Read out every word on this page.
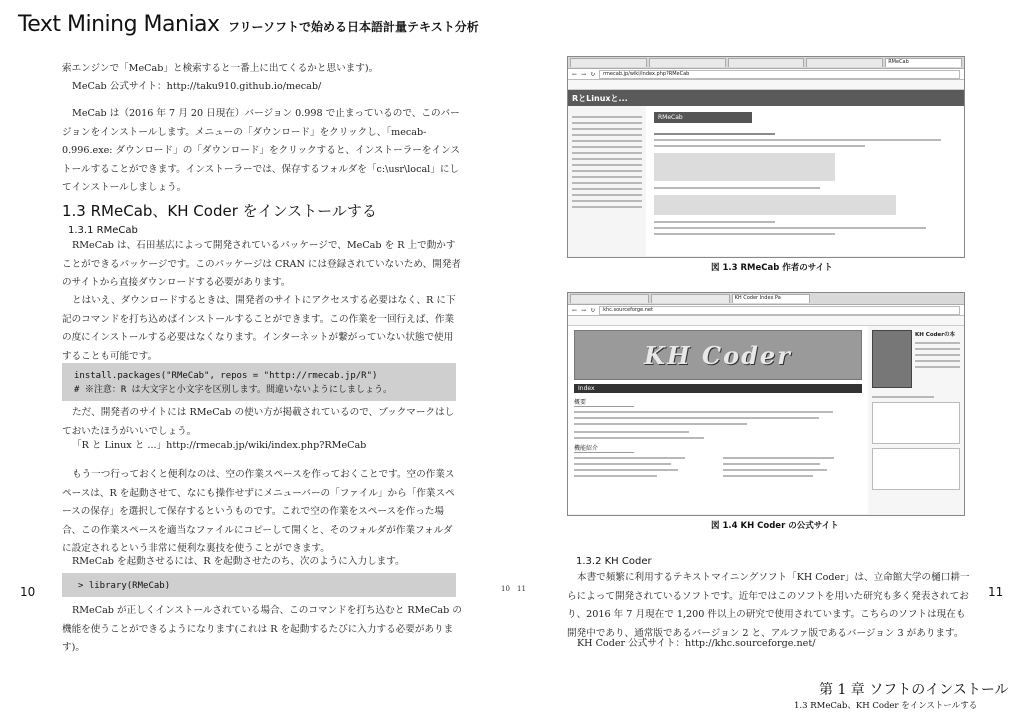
Text Mining Maniax フリーソフトで始める日本語計量テキスト分析
索エンジンで「MeCab」と検索すると一番上に出てくるかと思います)。
MeCab 公式サイト：http://taku910.github.io/mecab/
MeCab は（2016 年 7 月 20 日現在）バージョン 0.998 で止まっているので、このバージョンをインストールします。メニューの「ダウンロード」をクリックし、「mecab-0.996.exe: ダウンロード」の「ダウンロード」をクリックすると、インストーラーをインストールすることができます。インストーラーでは、保存するフォルダを「c:\usr\local」にしてインストールしましょう。
1.3 RMeCab、KH Coder をインストールする
1.3.1 RMeCab
RMeCab は、石田基広によって開発されているパッケージで、MeCab を R 上で動かすことができるパッケージです。このパッケージは CRAN には登録されていないため、開発者のサイトから直接ダウンロードする必要があります。
とはいえ、ダウンロードするときは、開発者のサイトにアクセスする必要はなく、R に下記のコマンドを打ち込めばインストールすることができます。この作業を一回行えば、作業の度にインストールする必要はなくなります。インターネットが繋がっていない状態で使用することも可能です。
install.packages("RMeCab", repos = "http://rmecab.jp/R")
# ※注意：R は大文字と小文字を区別します。間違いないようにしましょう。
ただ、開発者のサイトには RMeCab の使い方が掲載されているので、ブックマークはしておいたほうがいいでしょう。
「R と Linux と ...」http://rmecab.jp/wiki/index.php?RMeCab
もう一つ行っておくと便利なのは、空の作業スペースを作っておくことです。空の作業スペースは、R を起動させて、なにも操作せずにメニューバーの「ファイル」から「作業スペースの保存」を選択して保存するというものです。これで空の作業をスペースを作った場合、この作業スペースを適当なファイルにコピーして開くと、そのフォルダが作業フォルダに設定されるという非常に便利な裏技を使うことができます。
RMeCab を起動させるには、R を起動させたのち、次のように入力します。
> library(RMeCab)
RMeCab が正しくインストールされている場合、このコマンドを打ち込むと RMeCab の機能を使うことができるようになります(これは R を起動するたびに入力する必要があります)。
10	10 11

RMeCab
← → ↻	rmecab.jp/wiki/index.php?RMeCab

RとLinuxと...
RMeCab
図 1.3 RMeCab 作者のサイト

KH Coder Index Pa

← → ↻	khc.sourceforge.net

KH Coder
Index
概要
機能紹介
KH Coderの本
図 1.4 KH Coder の公式サイト
1.3.2 KH Coder
本書で頻繁に利用するテキストマイニングソフト「KH Coder」は、立命館大学の樋口耕一らによって開発されているソフトです。近年ではこのソフトを用いた研究も多く発表されており、2016 年 7 月現在で 1,200 件以上の研究で使用されています。こちらのソフトは現在も開発中であり、通常版であるバージョン 2 と、アルファ版であるバージョン 3 があります。
KH Coder 公式サイト：http://khc.sourceforge.net/
11
第 1 章 ソフトのインストール
1.3 RMeCab、KH Coder をインストールする
